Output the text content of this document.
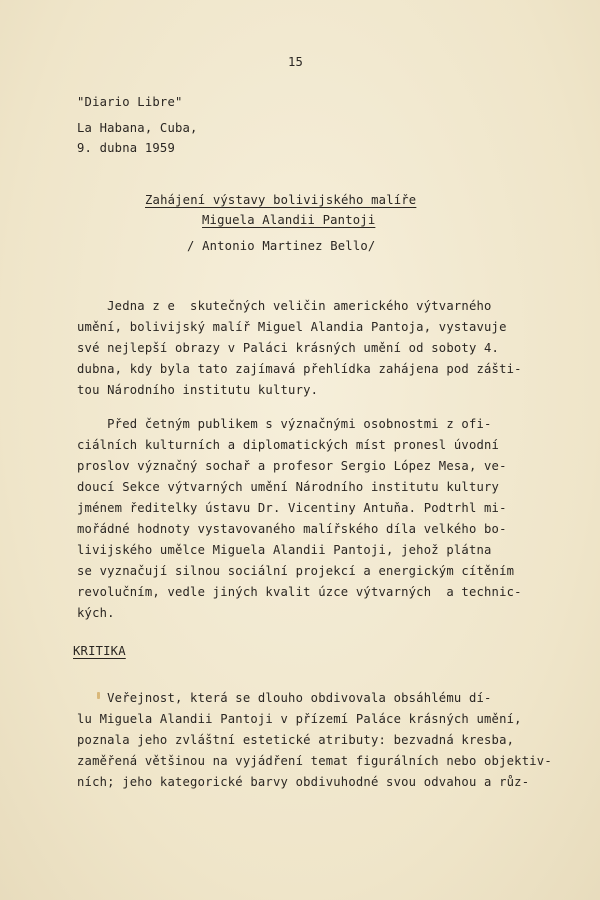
15
"Diario Libre"
La Habana, Cuba,
9. dubna 1959
Zahájení výstavy bolivijského malíře
Miguela Alandii Pantoji
/ Antonio Martinez Bello/
Jedna z e  skutečných veličin amerického výtvarného
umění, bolivijský malíř Miguel Alandia Pantoja, vystavuje
své nejlepší obrazy v Paláci krásných umění od soboty 4.
dubna, kdy byla tato zajímavá přehlídka zahájena pod zášti-
tou Národního institutu kultury.
Před četným publikem s význačnými osobnostmi z ofi-
ciálních kulturních a diplomatických míst pronesl úvodní
proslov význačný sochař a profesor Sergio López Mesa, ve-
doucí Sekce výtvarných umění Národního institutu kultury
jménem ředitelky ústavu Dr. Vicentiny Antuňa. Podtrhl mi-
mořádné hodnoty vystavovaného malířského díla velkého bo-
livijského umělce Miguela Alandii Pantoji, jehož plátna
se vyznačují silnou sociální projekcí a energickým cítěním
revolučním, vedle jiných kvalit úzce výtvarných  a technic-
kých.
KRITIKA
Veřejnost, která se dlouho obdivovala obsáhlému dí-
lu Miguela Alandii Pantoji v přízemí Paláce krásných umění,
poznala jeho zvláštní estetické atributy: bezvadná kresba,
zaměřená většinou na vyjádření temat figurálních nebo objektiv-
ních; jeho kategorické barvy obdivuhodné svou odvahou a růz-
